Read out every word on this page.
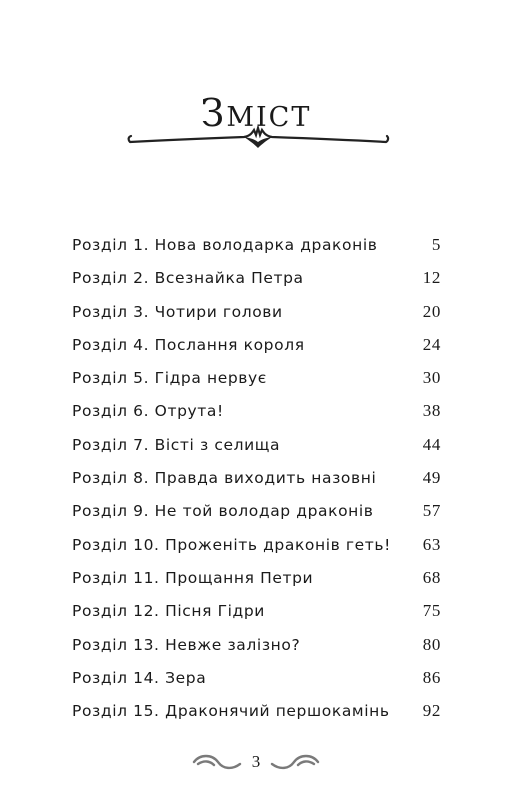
Зміст
Розділ 1. Нова володарка драконів	5
Розділ 2. Всезнайка Петра	12
Розділ 3. Чотири голови	20
Розділ 4. Послання короля	24
Розділ 5. Гідра нервує	30
Розділ 6. Отрута!	38
Розділ 7. Вісті з селища	44
Розділ 8. Правда виходить назовні	49
Розділ 9. Не той володар драконів	57
Розділ 10. Проженіть драконів геть!	63
Розділ 11. Прощання Петри	68
Розділ 12. Пісня Гідри	75
Розділ 13. Невже залізно?	80
Розділ 14. Зера	86
Розділ 15. Драконячий першокамінь	92
3
